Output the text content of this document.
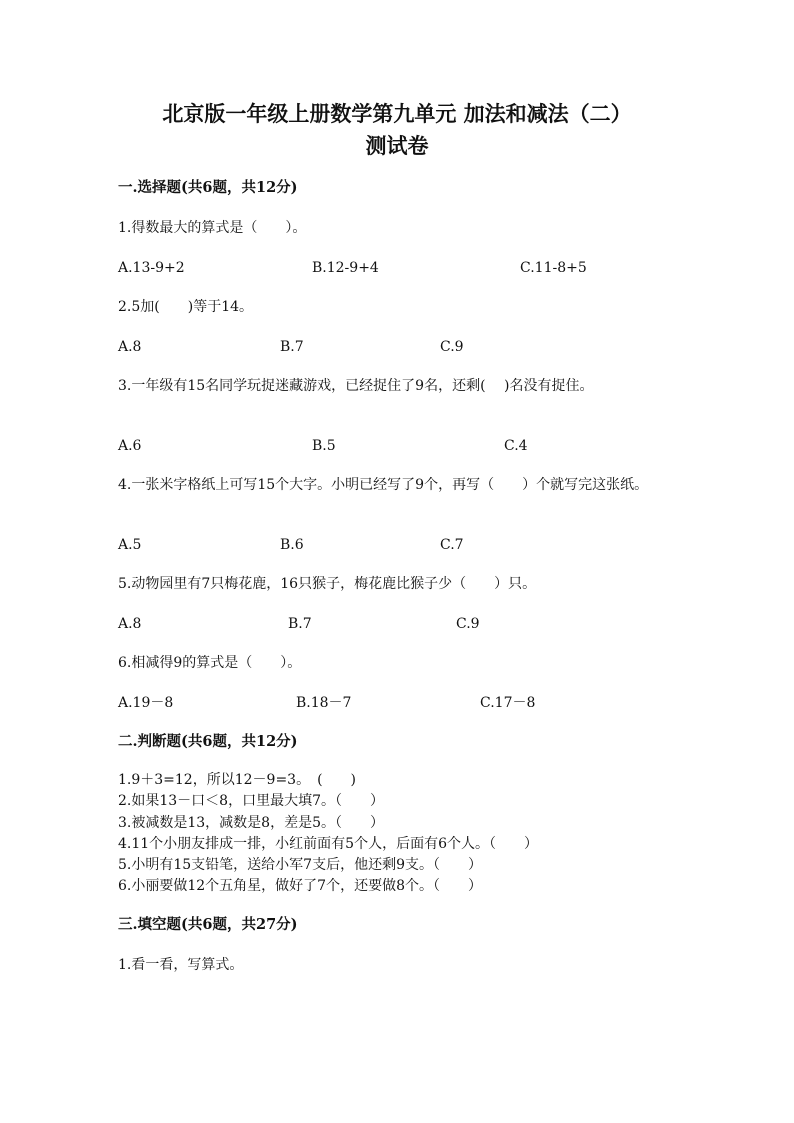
北京版一年级上册数学第九单元 加法和减法（二）
测试卷
一.选择题(共6题，共12分)
1.得数最大的算式是（　　）。
A.13-9+2	B.12-9+4	C.11-8+5
2.5加(　　)等于14。
A.8	B.7	C.9
3.一年级有15名同学玩捉迷藏游戏，已经捉住了9名，还剩(　 )名没有捉住。
A.6	B.5	C.4
4.一张米字格纸上可写15个大字。小明已经写了9个，再写（　　）个就写完这张纸。
A.5	B.6	C.7
5.动物园里有7只梅花鹿，16只猴子，梅花鹿比猴子少（　　）只。
A.8	B.7	C.9
6.相减得9的算式是（　　）。
A.19－8	B.18－7	C.17－8
二.判断题(共6题，共12分)
1.9＋3=12，所以12－9=3。　(　　)
2.如果13－口＜8，口里最大填7。（　　）
3.被减数是13，减数是8，差是5。（　　）
4.11个小朋友排成一排，小红前面有5个人，后面有6个人。（　　）
5.小明有15支铅笔，送给小军7支后，他还剩9支。（　　）
6.小丽要做12个五角星，做好了7个，还要做8个。（　　）
三.填空题(共6题，共27分)
1.看一看，写算式。
